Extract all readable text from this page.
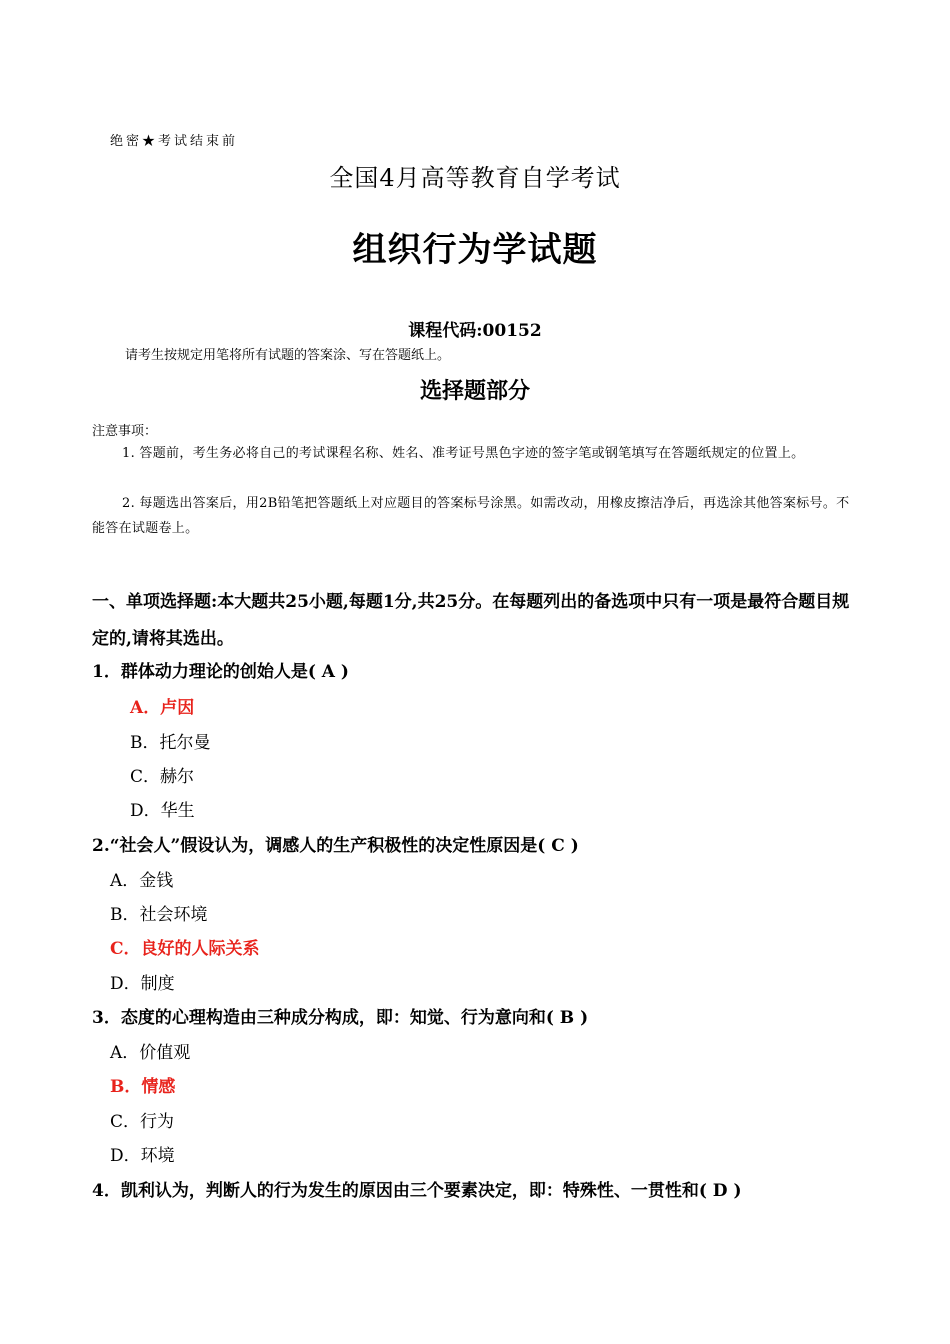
绝密★考试结束前
全国4月高等教育自学考试
组织行为学试题
课程代码:00152
请考生按规定用笔将所有试题的答案涂、写在答题纸上。
选择题部分
注意事项：
1. 答题前，考生务必将自己的考试课程名称、姓名、准考证号黑色字迹的签字笔或钢笔填写在答题纸规定的位置上。
2. 每题选出答案后，用2B铅笔把答题纸上对应题目的答案标号涂黑。如需改动，用橡皮擦洁净后，再选涂其他答案标号。不能答在试题卷上。
一、单项选择题:本大题共25小题,每题1分,共25分。在每题列出的备选项中只有一项是最符合题目规定的,请将其选出。
1．群体动力理论的创始人是( A )
A．卢因
B．托尔曼
C．赫尔
D．华生
2.“社会人”假设认为，调感人的生产积极性的决定性原因是( C )
A．金钱
B．社会环境
C．良好的人际关系
D．制度
3．态度的心理构造由三种成分构成，即：知觉、行为意向和( B )
A．价值观
B．情感
C．行为
D．环境
4．凯利认为，判断人的行为发生的原因由三个要素决定，即：特殊性、一贯性和( D )
